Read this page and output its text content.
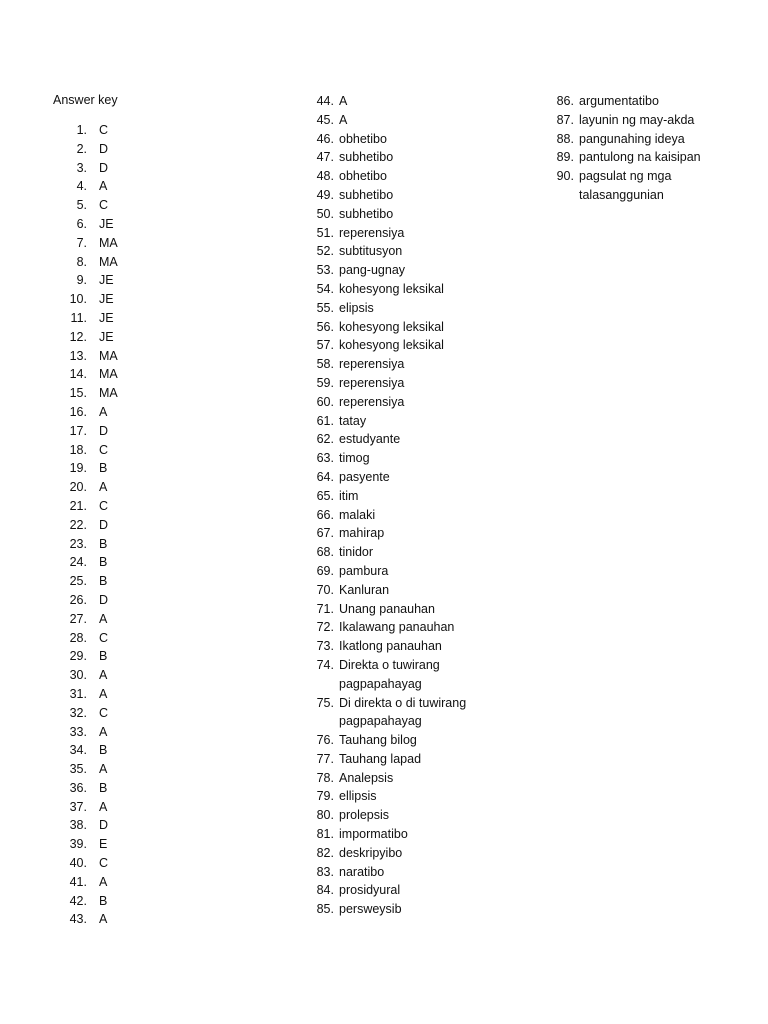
Answer key
1. C
2. D
3. D
4. A
5. C
6. JE
7. MA
8. MA
9. JE
10. JE
11. JE
12. JE
13. MA
14. MA
15. MA
16. A
17. D
18. C
19. B
20. A
21. C
22. D
23. B
24. B
25. B
26. D
27. A
28. C
29. B
30. A
31. A
32. C
33. A
34. B
35. A
36. B
37. A
38. D
39. E
40. C
41. A
42. B
43. A
44. A
45. A
46. obhetibo
47. subhetibo
48. obhetibo
49. subhetibo
50. subhetibo
51. reperensiya
52. subtitusyon
53. pang-ugnay
54. kohesyong leksikal
55. elipsis
56. kohesyong leksikal
57. kohesyong leksikal
58. reperensiya
59. reperensiya
60. reperensiya
61. tatay
62. estudyante
63. timog
64. pasyente
65. itim
66. malaki
67. mahirap
68. tinidor
69. pambura
70. Kanluran
71. Unang panauhan
72. Ikalawang panauhan
73. Ikatlong panauhan
74. Direkta o tuwirang pagpapahayag
75. Di direkta o di tuwirang pagpapahayag
76. Tauhang bilog
77. Tauhang lapad
78. Analepsis
79. ellipsis
80. prolepsis
81. impormatibo
82. deskripyibo
83. naratibo
84. prosidyural
85. persweysib
86. argumentatibo
87. layunin ng may-akda
88. pangunahing ideya
89. pantulong na kaisipan
90. pagsulat ng mga talasanggunian
